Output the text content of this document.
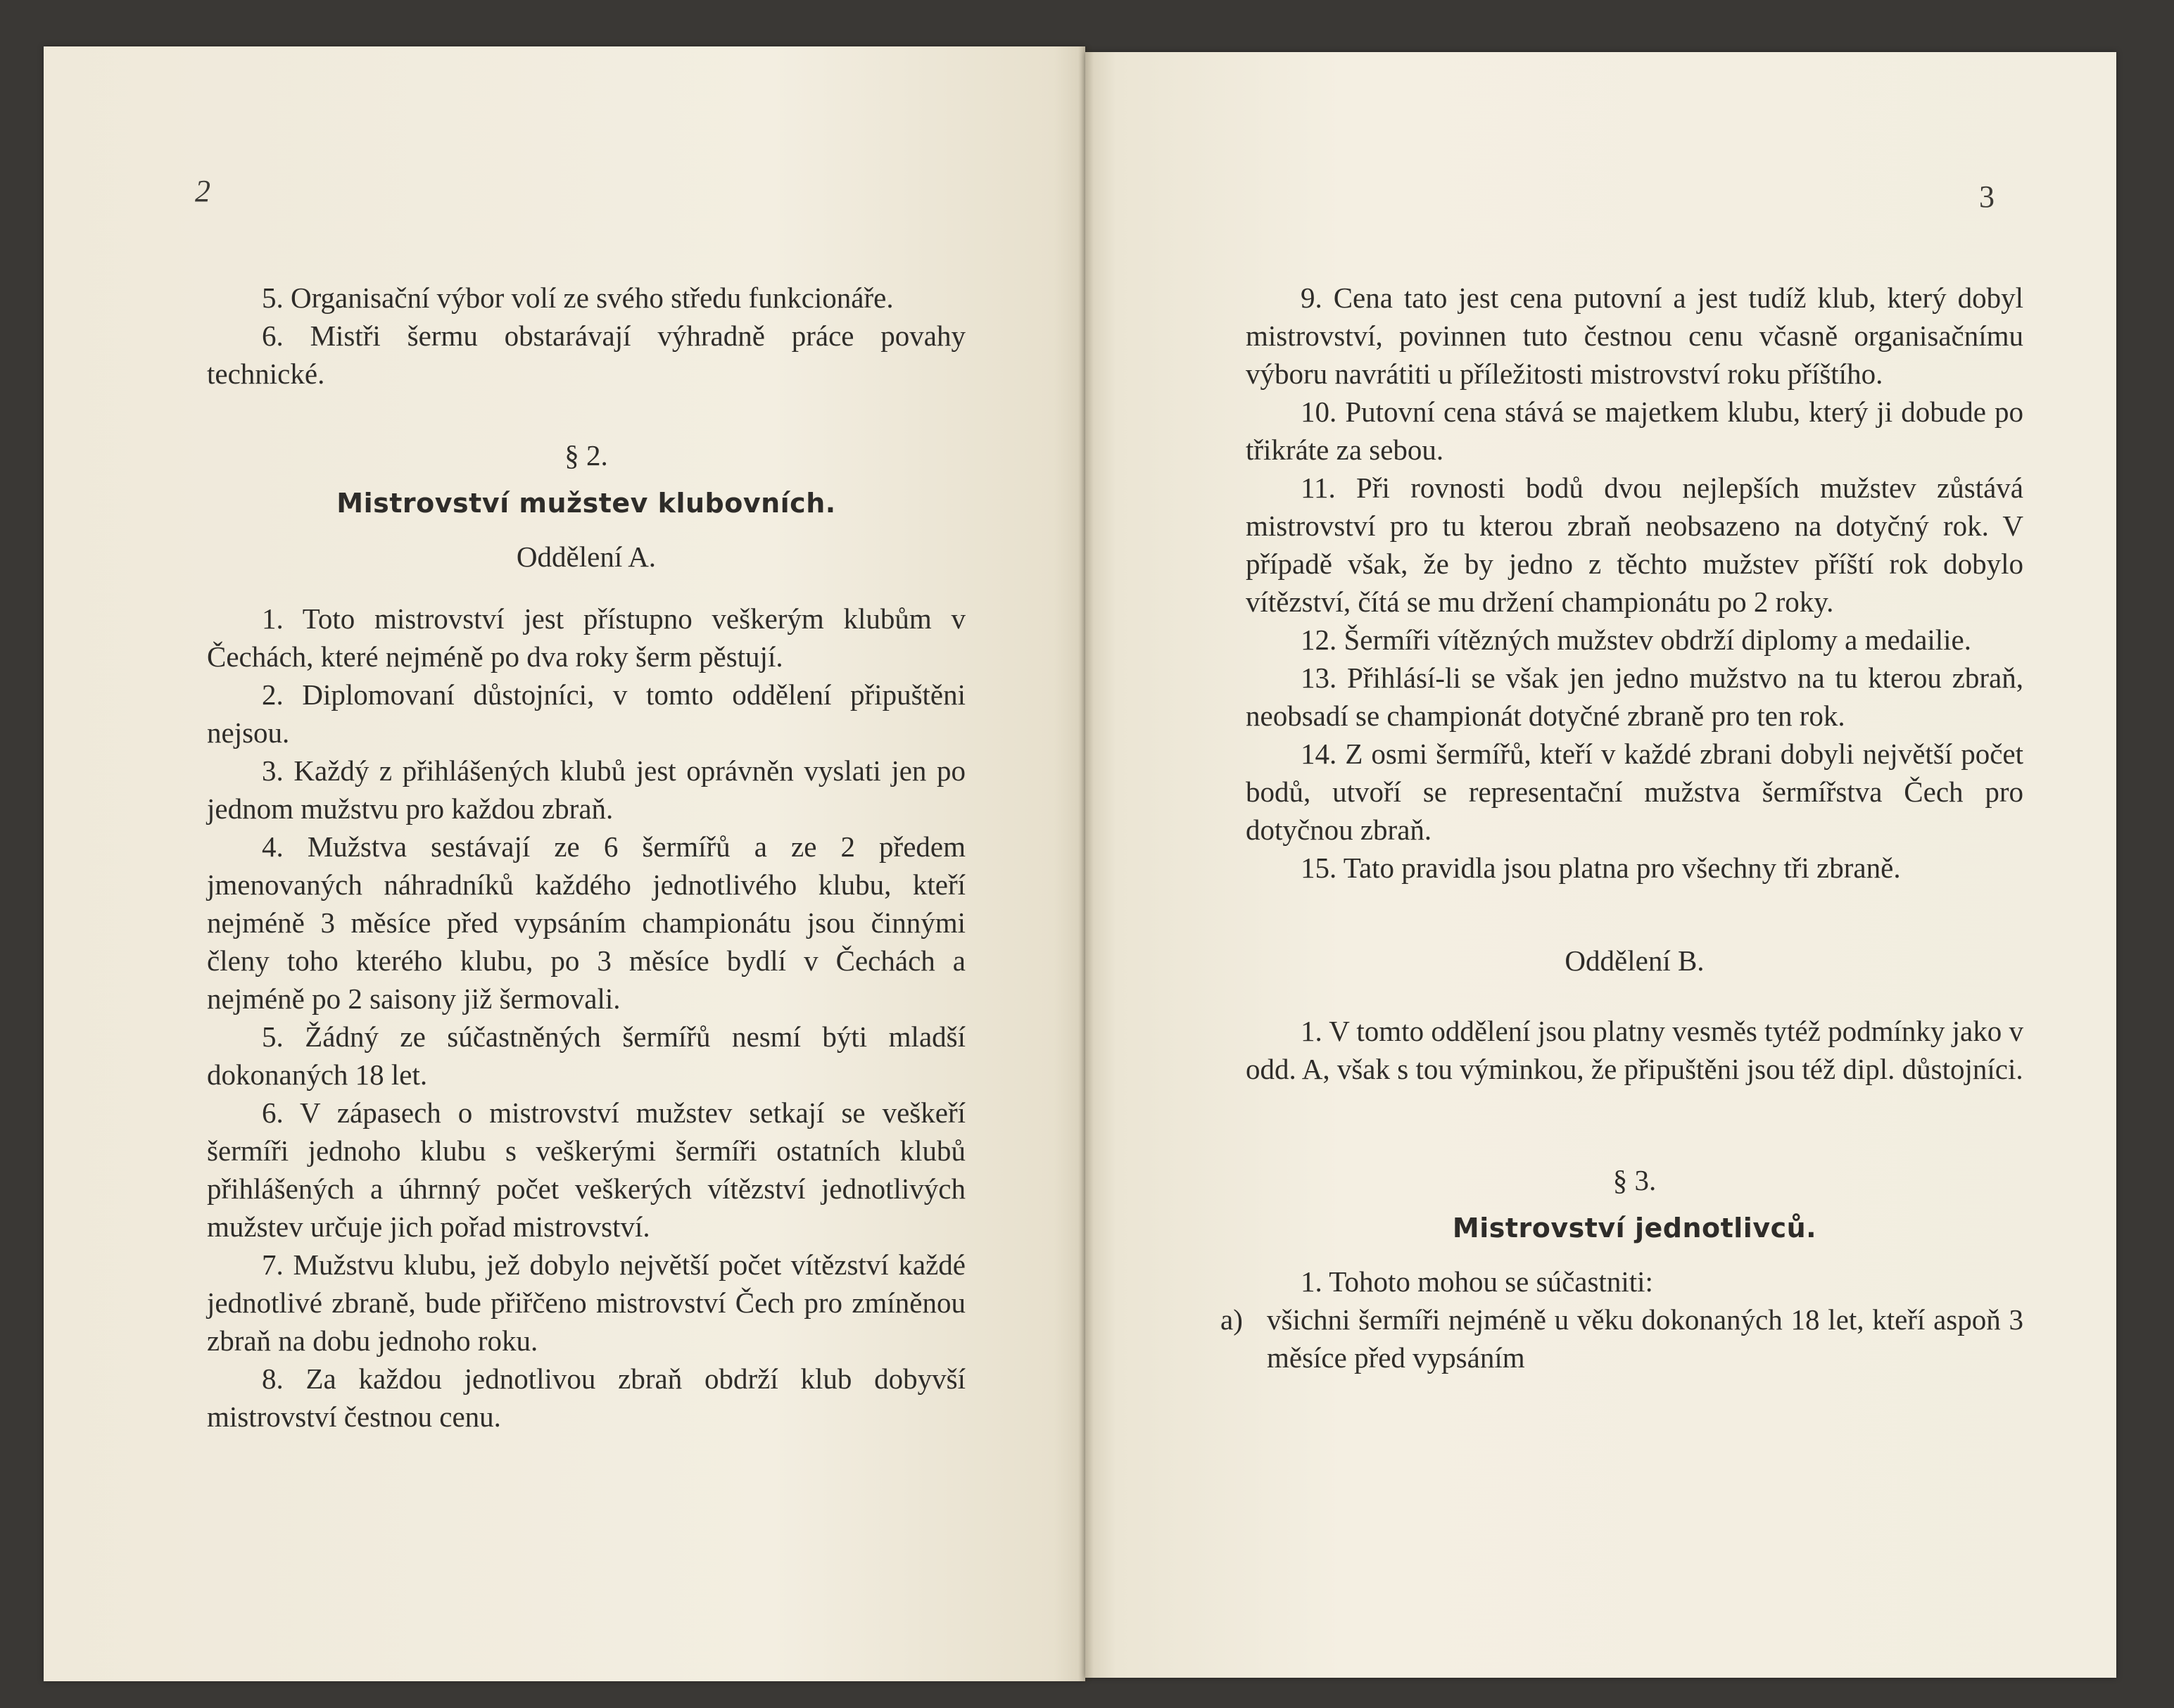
2

5. Organisační výbor volí ze svého středu funkcionáře.

6. Mistři šermu obstarávají výhradně práce povahy technické.

§ 2.
Mistrovství mužstev klubovních.
Oddělení A.

1. Toto mistrovství jest přístupno veškerým klubům v Čechách, které nejméně po dva roky šerm pěstují.

2. Diplomovaní důstojníci, v tomto oddělení připuštěni nejsou.

3. Každý z přihlášených klubů jest oprávněn vyslati jen po jednom mužstvu pro každou zbraň.

4. Mužstva sestávají ze 6 šermířů a ze 2 předem jmenovaných náhradníků každého jednotlivého klubu, kteří nejméně 3 měsíce před vypsáním championátu jsou činnými členy toho kterého klubu, po 3 měsíce bydlí v Čechách a nejméně po 2 saisony již šermovali.

5. Žádný ze súčastněných šermířů nesmí býti mladší dokonaných 18 let.

6. V zápasech o mistrovství mužstev setkají se veškeří šermíři jednoho klubu s veškerými šermíři ostatních klubů přihlášených a úhrnný počet veškerých vítězství jednotlivých mužstev určuje jich pořad mistrovství.

7. Mužstvu klubu, jež dobylo největší počet vítězství každé jednotlivé zbraně, bude přiřčeno mistrovství Čech pro zmíněnou zbraň na dobu jednoho roku.

8. Za každou jednotlivou zbraň obdrží klub dobyvší mistrovství čestnou cenu.

3

9. Cena tato jest cena putovní a jest tudíž klub, který dobyl mistrovství, povinnen tuto čestnou cenu včasně organisačnímu výboru navrátiti u příležitosti mistrovství roku příštího.

10. Putovní cena stává se majetkem klubu, který ji dobude po třikráte za sebou.

11. Při rovnosti bodů dvou nejlepších mužstev zůstává mistrovství pro tu kterou zbraň neobsazeno na dotyčný rok. V případě však, že by jedno z těchto mužstev příští rok dobylo vítězství, čítá se mu držení championátu po 2 roky.

12. Šermíři vítězných mužstev obdrží diplomy a medailie.

13. Přihlásí-li se však jen jedno mužstvo na tu kterou zbraň, neobsadí se championát dotyčné zbraně pro ten rok.

14. Z osmi šermířů, kteří v každé zbrani dobyli největší počet bodů, utvoří se representační mužstva šermířstva Čech pro dotyčnou zbraň.

15. Tato pravidla jsou platna pro všechny tři zbraně.

Oddělení B.

1. V tomto oddělení jsou platny vesměs tytéž podmínky jako v odd. A, však s tou výminkou, že připuštěni jsou též dipl. důstojníci.

§ 3.
Mistrovství jednotlivců.

1. Tohoto mohou se súčastniti:

a) všichni šermíři nejméně u věku dokonaných 18 let, kteří aspoň 3 měsíce před vypsáním
